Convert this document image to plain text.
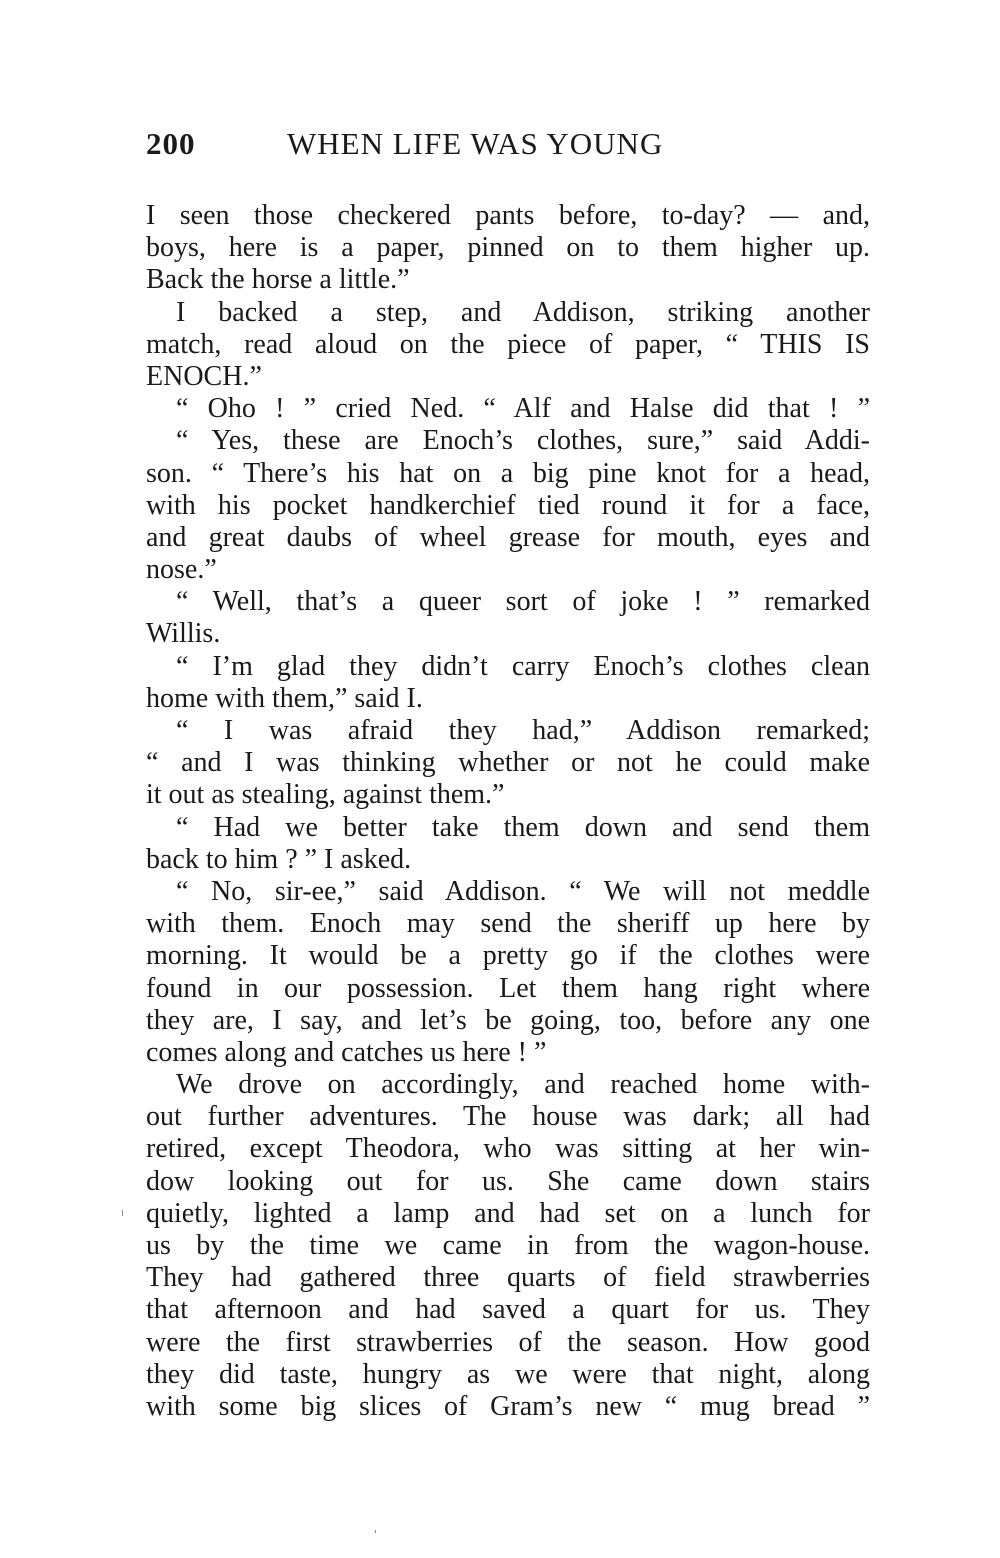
200	WHEN LIFE WAS YOUNG
I seen those checkered pants before, to-day? — and,
boys, here is a paper, pinned on to them higher up.
Back the horse a little.”
I backed a step, and Addison, striking another
match, read aloud on the piece of paper, “ THIS IS
ENOCH.”
“ Oho ! ” cried Ned. “ Alf and Halse did that ! ”
“ Yes, these are Enoch’s clothes, sure,” said Addi-
son. “ There’s his hat on a big pine knot for a head,
with his pocket handkerchief tied round it for a face,
and great daubs of wheel grease for mouth, eyes and
nose.”
“ Well, that’s a queer sort of joke ! ” remarked
Willis.
“ I’m glad they didn’t carry Enoch’s clothes clean
home with them,” said I.
“ I was afraid they had,” Addison remarked;
“ and I was thinking whether or not he could make
it out as stealing, against them.”
“ Had we better take them down and send them
back to him ? ” I asked.
“ No, sir-ee,” said Addison. “ We will not meddle
with them. Enoch may send the sheriff up here by
morning. It would be a pretty go if the clothes were
found in our possession. Let them hang right where
they are, I say, and let’s be going, too, before any one
comes along and catches us here ! ”
We drove on accordingly, and reached home with-
out further adventures. The house was dark; all had
retired, except Theodora, who was sitting at her win-
dow looking out for us. She came down stairs
quietly, lighted a lamp and had set on a lunch for
us by the time we came in from the wagon-house.
They had gathered three quarts of field strawberries
that afternoon and had saved a quart for us. They
were the first strawberries of the season. How good
they did taste, hungry as we were that night, along
with some big slices of Gram’s new “ mug bread ”
